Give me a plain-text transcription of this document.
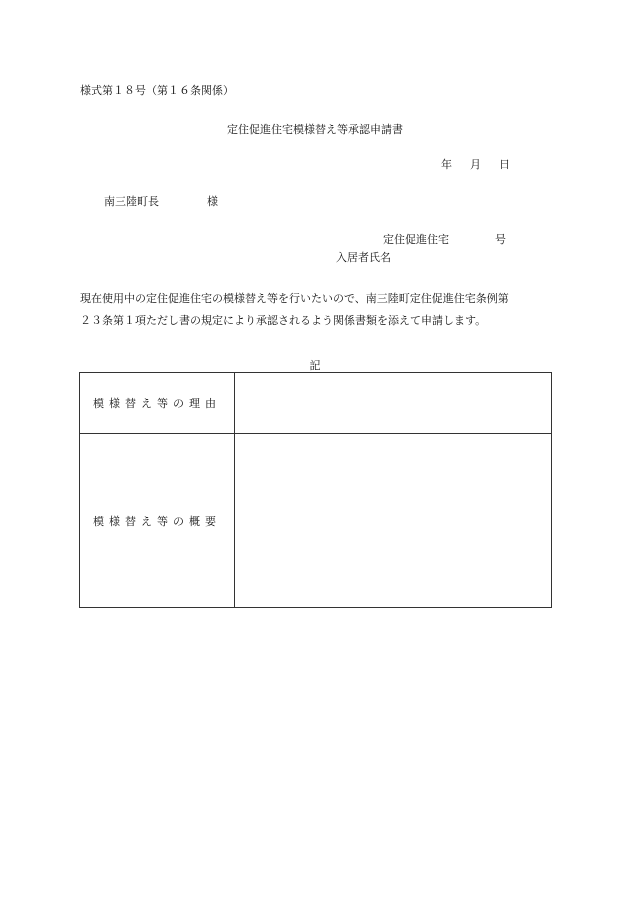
様式第１８号（第１６条関係）
定住促進住宅模様替え等承認申請書
年 月 日
南三陸町長	様
定住促進住宅	号
入居者氏名

現在使用中の定住促進住宅の模様替え等を行いたいので、南三陸町定住促進住宅条例第

２３条第１項ただし書の規定により承認されるよう関係書類を添えて申請します。

記
模様替え等の理由	
模様替え等の概要	
